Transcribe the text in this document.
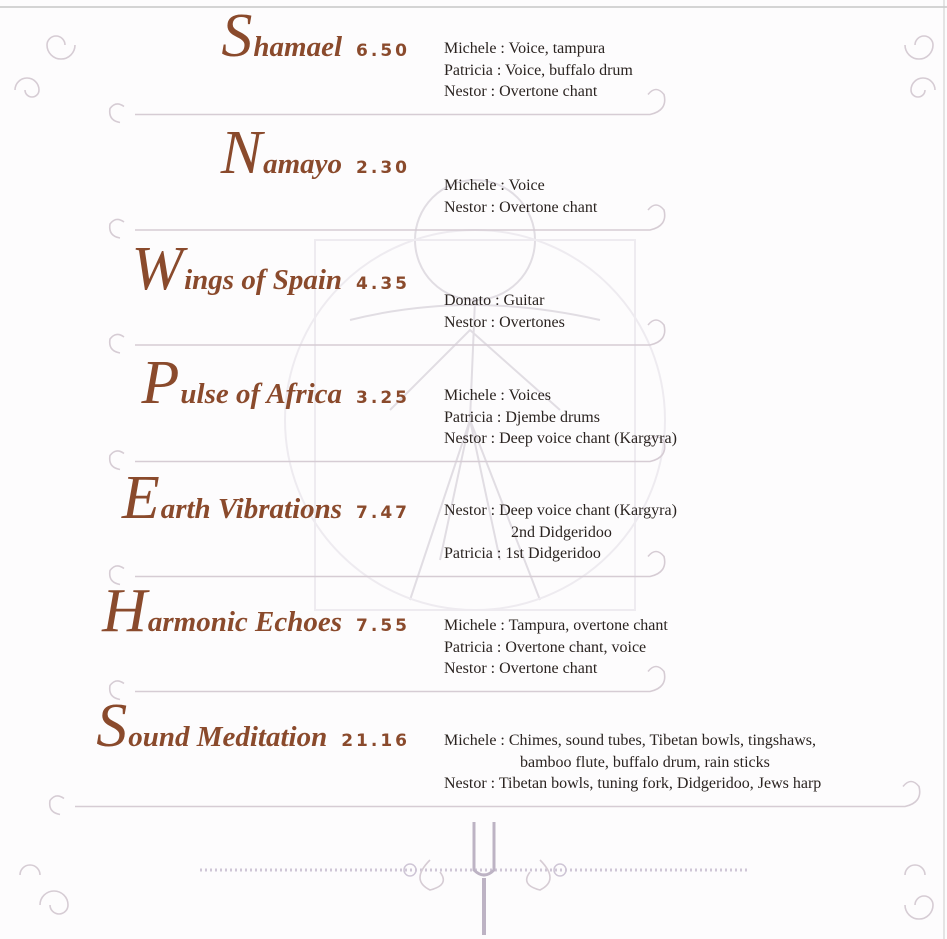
Shamael 6.50 Michele : Voice, tampura
Patricia : Voice, buffalo drum
Nestor : Overtone chant
Namayo 2.30
Michele : Voice
Nestor : Overtone chant
Wings of Spain 4.35
Donato : Guitar
Nestor : Overtones
Pulse of Africa 3.25 Michele : Voices
Patricia : Djembe drums
Nestor : Deep voice chant (Kargyra)
Earth Vibrations 7.47 Nestor : Deep voice chant (Kargyra)
2nd Didgeridoo
Patricia : 1st Didgeridoo
Harmonic Echoes 7.55 Michele : Tampura, overtone chant
Patricia : Overtone chant, voice
Nestor : Overtone chant
Sound Meditation 21.16 Michele : Chimes, sound tubes, Tibetan bowls, tingshaws,
bamboo flute, buffalo drum, rain sticks
Nestor : Tibetan bowls, tuning fork, Didgeridoo, Jews harp
